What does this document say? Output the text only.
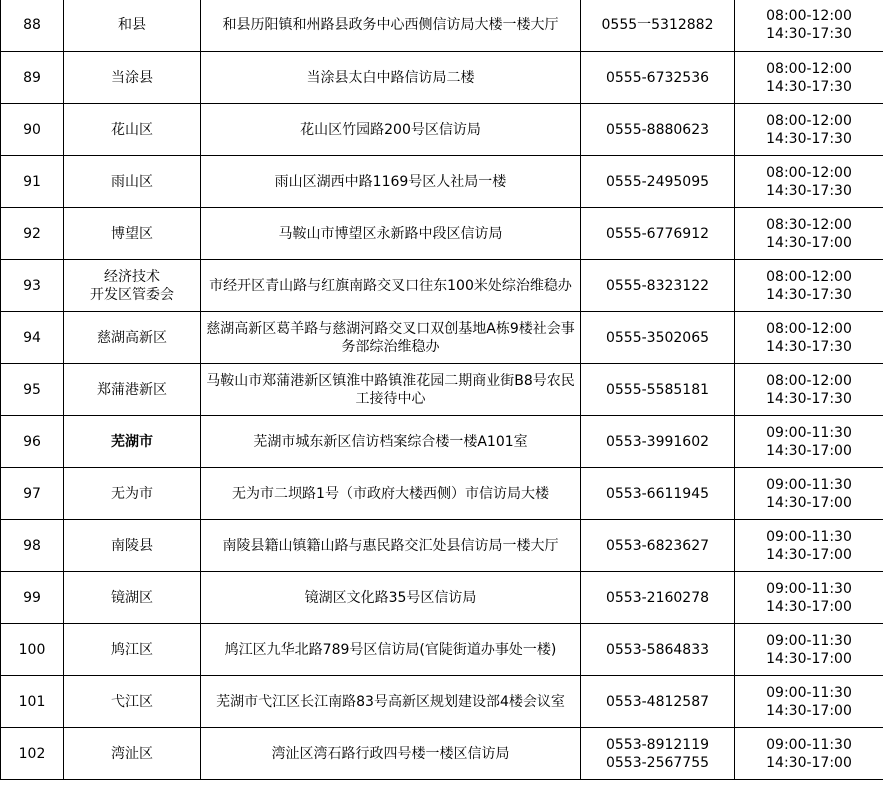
88	和县	和县历阳镇和州路县政务中心西侧信访局大楼一楼大厅	0555一5312882	08:00-12:00
14:30-17:30

89	当涂县	当涂县太白中路信访局二楼	0555-6732536	08:00-12:00
14:30-17:30

90	花山区	花山区竹园路200号区信访局	0555-8880623	08:00-12:00
14:30-17:30

91	雨山区	雨山区湖西中路1169号区人社局一楼	0555-2495095	08:00-12:00
14:30-17:30

92	博望区	马鞍山市博望区永新路中段区信访局	0555-6776912	08:30-12:00
14:30-17:00

93	经济技术
开发区管委会	市经开区青山路与红旗南路交叉口往东100米处综治维稳办	0555-8323122	08:00-12:00
14:30-17:30

94	慈湖高新区	慈湖高新区葛羊路与慈湖河路交叉口双创基地A栋9楼社会事务部综治维稳办	0555-3502065	08:00-12:00
14:30-17:30

95	郑蒲港新区	马鞍山市郑蒲港新区镇淮中路镇淮花园二期商业街B8号农民工接待中心	0555-5585181	08:00-12:00
14:30-17:30

96	芜湖市	芜湖市城东新区信访档案综合楼一楼A101室	0553-3991602	09:00-11:30
14:30-17:00

97	无为市	无为市二坝路1号（市政府大楼西侧）市信访局大楼	0553-6611945	09:00-11:30
14:30-17:00

98	南陵县	南陵县籍山镇籍山路与惠民路交汇处县信访局一楼大厅	0553-6823627	09:00-11:30
14:30-17:00

99	镜湖区	镜湖区文化路35号区信访局	0553-2160278	09:00-11:30
14:30-17:00

100	鸠江区	鸠江区九华北路789号区信访局(官陡街道办事处一楼)	0553-5864833	09:00-11:30
14:30-17:00

101	弋江区	芜湖市弋江区长江南路83号高新区规划建设部4楼会议室	0553-4812587	09:00-11:30
14:30-17:00

102	湾沚区	湾沚区湾石路行政四号楼一楼区信访局	0553-8912119
0553-2567755	09:00-11:30
14:30-17:00
